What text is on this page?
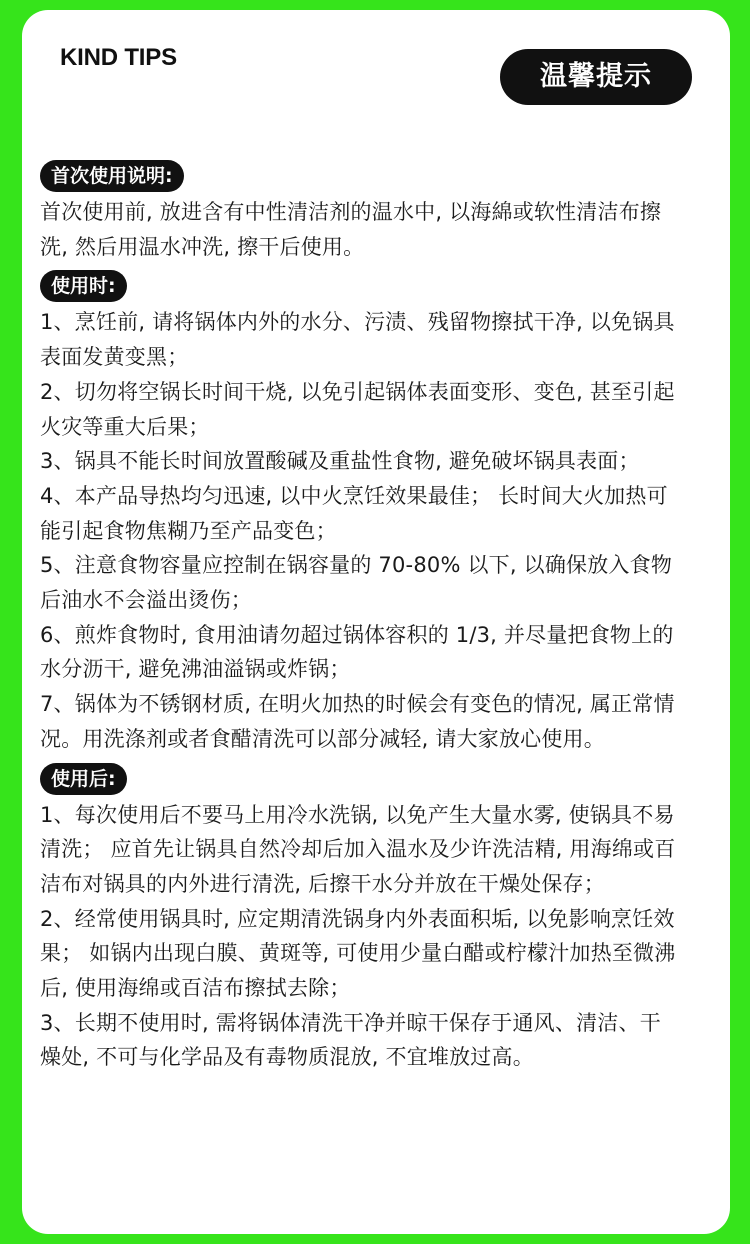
KIND TIPS
温馨提示
首次使用说明:

首次使用前, 放进含有中性清洁剂的温水中, 以海綿或软性清洁布擦洗, 然后用温水冲洗, 擦干后使用。

使用时:

1、烹饪前, 请将锅体内外的水分、污渍、残留物擦拭干净, 以免锅具表面发黄变黑；

2、切勿将空锅长时间干烧, 以免引起锅体表面变形、变色, 甚至引起火灾等重大后果；

3、锅具不能长时间放置酸碱及重盐性食物, 避免破坏锅具表面；

4、本产品导热均匀迅速, 以中火烹饪效果最佳； 长时间大火加热可能引起食物焦糊乃至产品变色；

5、注意食物容量应控制在锅容量的 70-80% 以下, 以确保放入食物后油水不会溢出烫伤；

6、煎炸食物时, 食用油请勿超过锅体容积的 1/3, 并尽量把食物上的水分沥干, 避免沸油溢锅或炸锅；

7、锅体为不锈钢材质, 在明火加热的时候会有变色的情况, 属正常情况。用洗涤剂或者食醋清洗可以部分减轻, 请大家放心使用。

使用后:

1、每次使用后不要马上用冷水洗锅, 以免产生大量水雾, 使锅具不易清洗； 应首先让锅具自然冷却后加入温水及少许洗洁精, 用海绵或百洁布对锅具的内外进行清洗, 后擦干水分并放在干燥处保存；

2、经常使用锅具时, 应定期清洗锅身内外表面积垢, 以免影响烹饪效果； 如锅内出现白膜、黄斑等, 可使用少量白醋或柠檬汁加热至微沸后, 使用海绵或百洁布擦拭去除；

3、长期不使用时, 需将锅体清洗干净并晾干保存于通风、清洁、干燥处, 不可与化学品及有毒物质混放, 不宜堆放过高。
